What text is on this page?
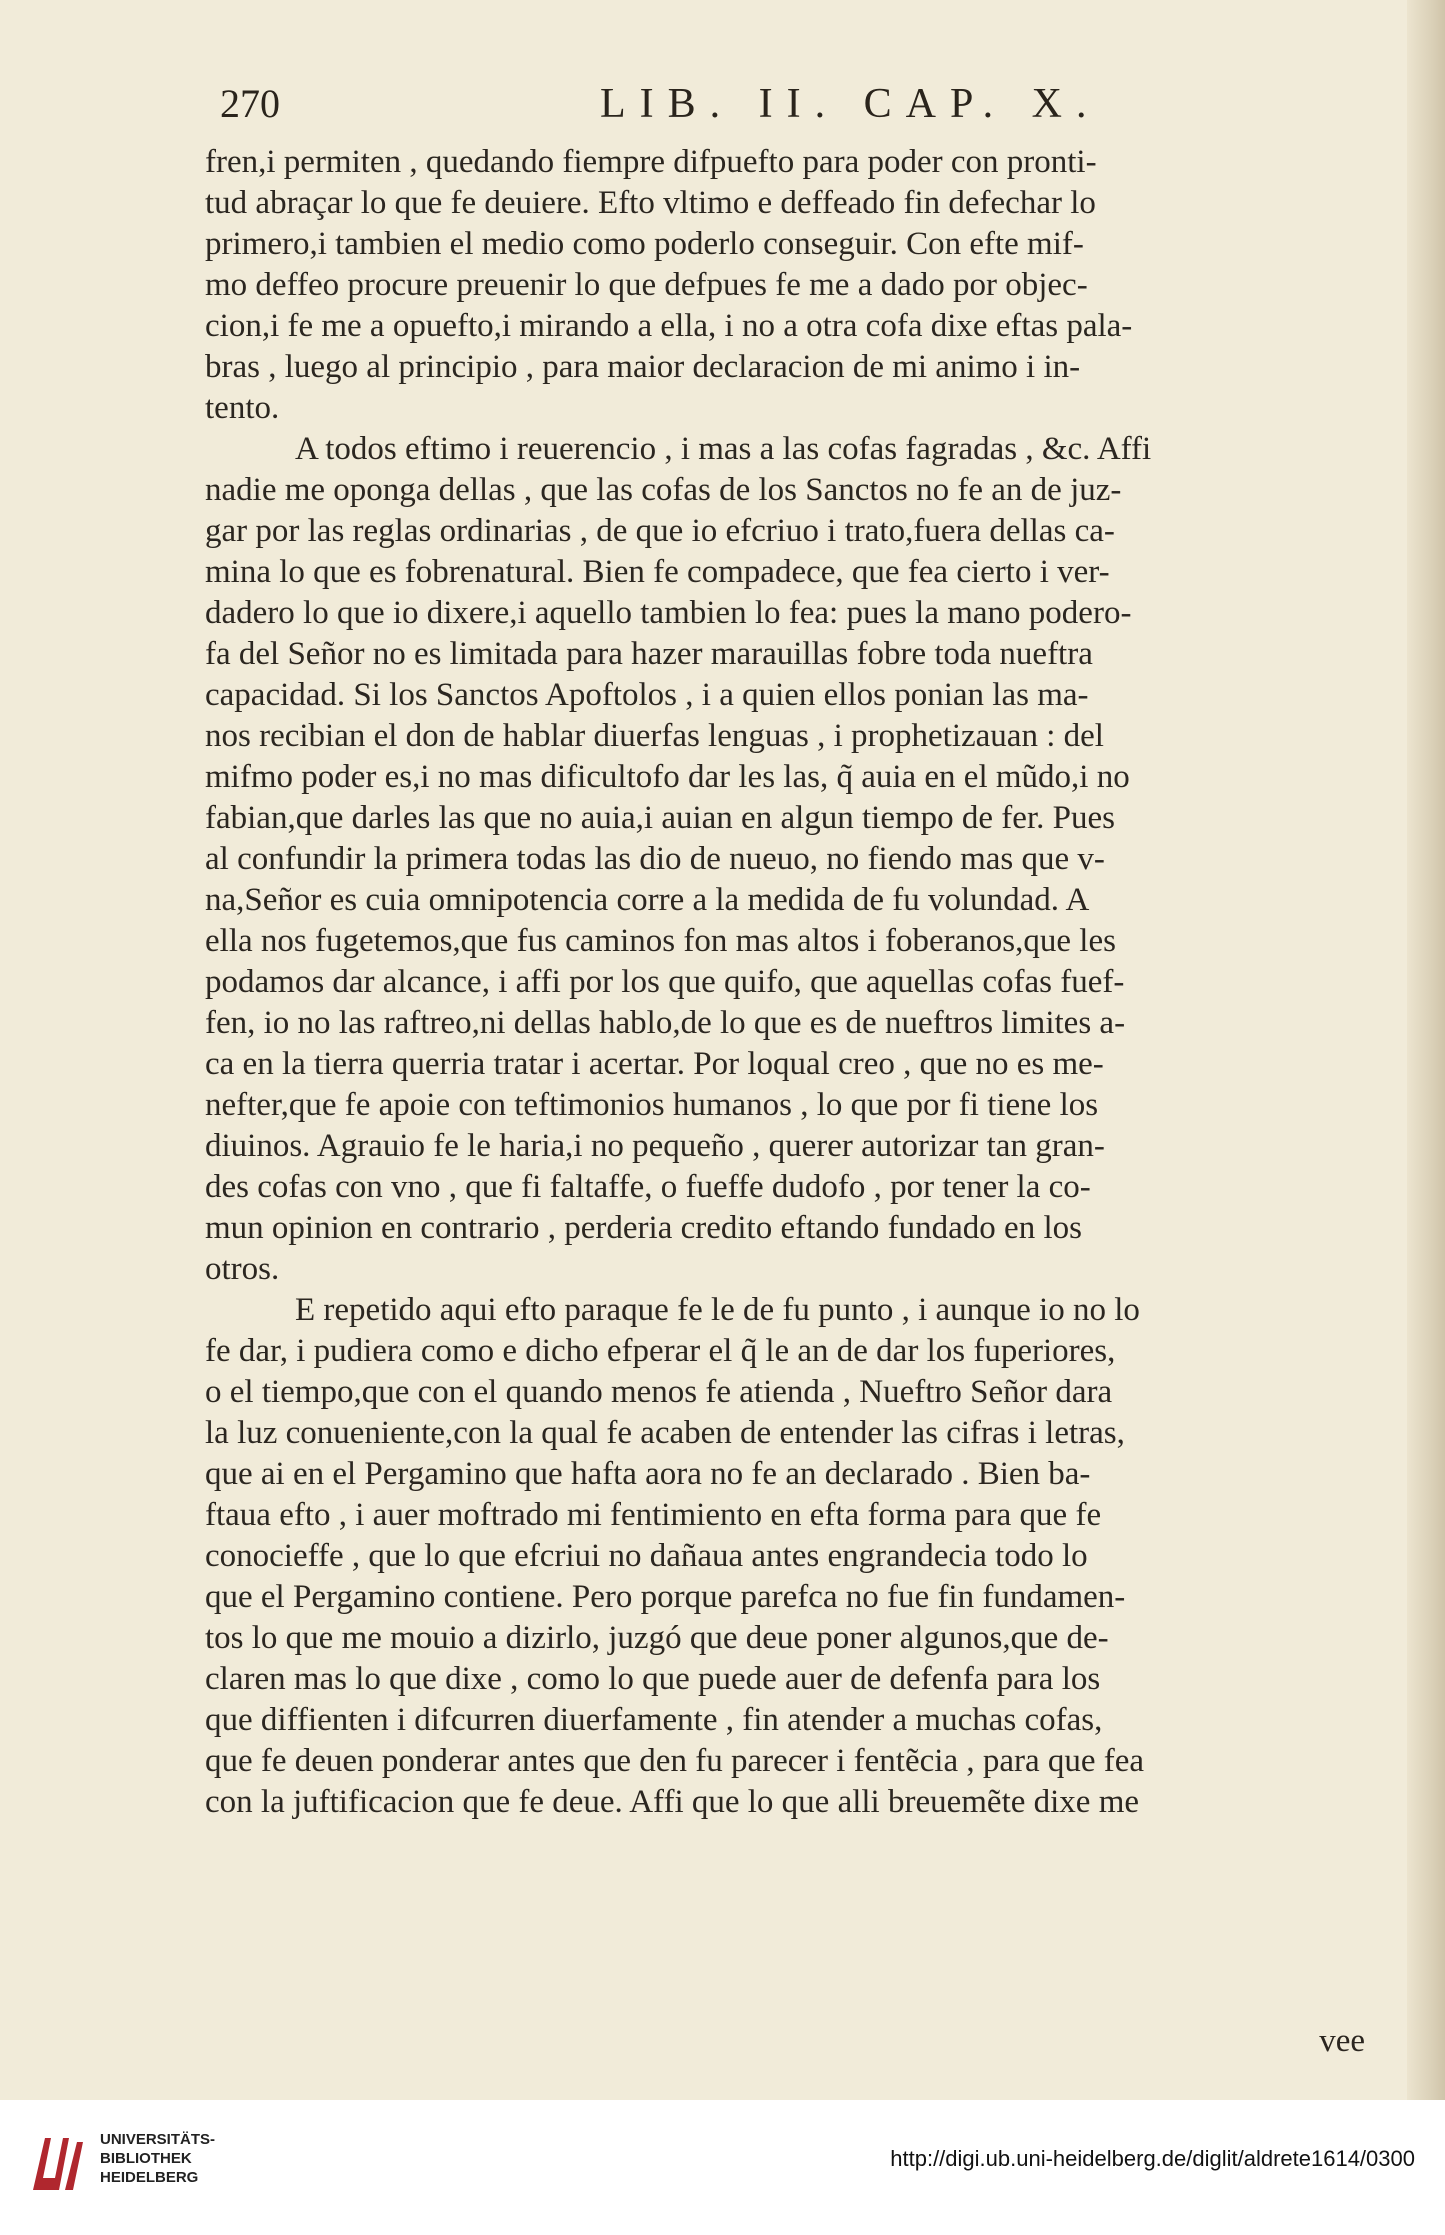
270	LIB. II. CAP. X.
fren,i permiten , quedando fiempre difpuefto para poder con pronti-
tud abraçar lo que fe deuiere. Efto vltimo e deffeado fin defechar lo
primero,i tambien el medio como poderlo conseguir. Con efte mif-
mo deffeo procure preuenir lo que defpues fe me a dado por objec-
cion,i fe me a opuefto,i mirando a ella, i no a otra cofa dixe eftas pala-
bras , luego al principio , para maior declaracion de mi animo i in-
tento.
A todos eftimo i reuerencio , i mas a las cofas fagradas , &c. Affi
nadie me oponga dellas , que las cofas de los Sanctos no fe an de juz-
gar por las reglas ordinarias , de que io efcriuo i trato,fuera dellas ca-
mina lo que es fobrenatural. Bien fe compadece, que fea cierto i ver-
dadero lo que io dixere,i aquello tambien lo fea: pues la mano podero-
fa del Señor no es limitada para hazer marauillas fobre toda nueftra
capacidad. Si los Sanctos Apoftolos , i a quien ellos ponian las ma-
nos recibian el don de hablar diuerfas lenguas , i prophetizauan : del
mifmo poder es,i no mas dificultofo dar les las, q̃ auia en el mũdo,i no
fabian,que darles las que no auia,i auian en algun tiempo de fer. Pues
al confundir la primera todas las dio de nueuo, no fiendo mas que v-
na,Señor es cuia omnipotencia corre a la medida de fu volundad. A
ella nos fugetemos,que fus caminos fon mas altos i foberanos,que les
podamos dar alcance, i affi por los que quifo, que aquellas cofas fuef-
fen, io no las raftreo,ni dellas hablo,de lo que es de nueftros limites a-
ca en la tierra querria tratar i acertar. Por loqual creo , que no es me-
nefter,que fe apoie con teftimonios humanos , lo que por fi tiene los
diuinos. Agrauio fe le haria,i no pequeño , querer autorizar tan gran-
des cofas con vno , que fi faltaffe, o fueffe dudofo , por tener la co-
mun opinion en contrario , perderia credito eftando fundado en los
otros.
E repetido aqui efto paraque fe le de fu punto , i aunque io no lo
fe dar, i pudiera como e dicho efperar el q̃ le an de dar los fuperiores,
o el tiempo,que con el quando menos fe atienda , Nueftro Señor dara
la luz conueniente,con la qual fe acaben de entender las cifras i letras,
que ai en el Pergamino que hafta aora no fe an declarado . Bien ba-
ftaua efto , i auer moftrado mi fentimiento en efta forma para que fe
conocieffe , que lo que efcriui no dañaua antes engrandecia todo lo
que el Pergamino contiene. Pero porque parefca no fue fin fundamen-
tos lo que me mouio a dizirlo, juzgó que deue poner algunos,que de-
claren mas lo que dixe , como lo que puede auer de defenfa para los
que diffienten i difcurren diuerfamente , fin atender a muchas cofas,
que fe deuen ponderar antes que den fu parecer i fentẽcia , para que fea
con la juftificacion que fe deue. Affi que lo que alli breuemẽte dixe me
vee
UNIVERSITÄTS-
BIBLIOTHEK
HEIDELBERG
http://digi.ub.uni-heidelberg.de/diglit/aldrete1614/0300
